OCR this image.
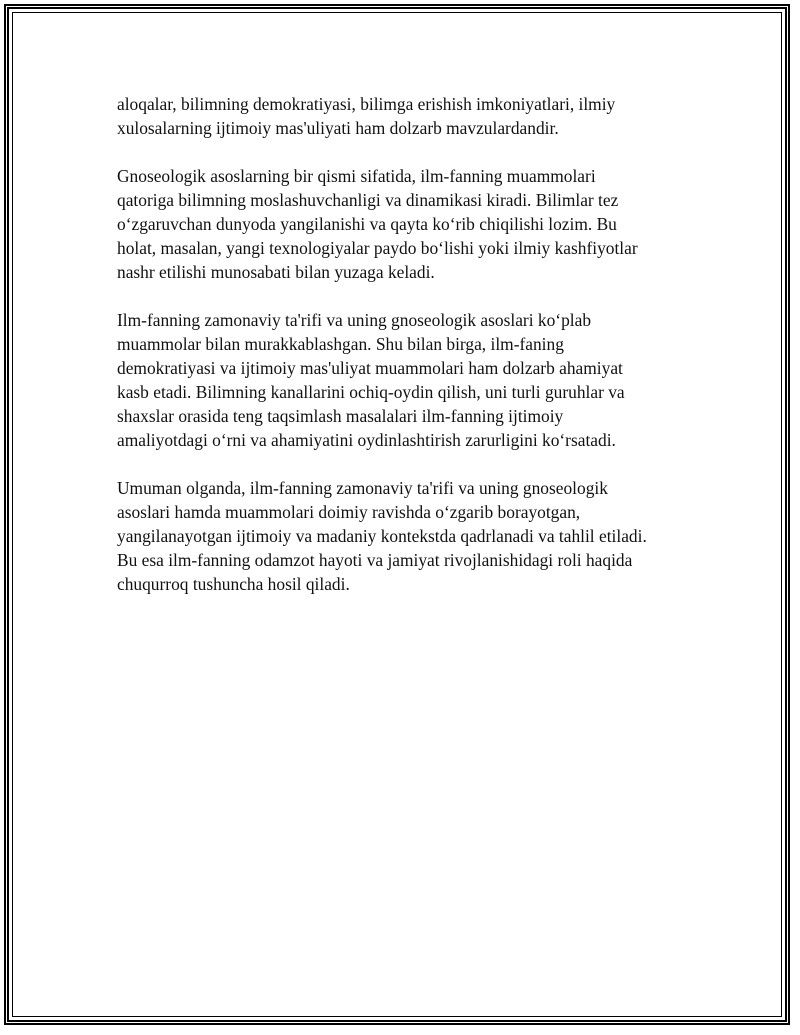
aloqalar, bilimning demokratiyasi, bilimga erishish imkoniyatlari, ilmiy
xulosalarning ijtimoiy mas'uliyati ham dolzarb mavzulardandir.

Gnoseologik asoslarning bir qismi sifatida, ilm-fanning muammolari
qatoriga bilimning moslashuvchanligi va dinamikasi kiradi. Bilimlar tez
o‘zgaruvchan dunyoda yangilanishi va qayta ko‘rib chiqilishi lozim. Bu
holat, masalan, yangi texnologiyalar paydo bo‘lishi yoki ilmiy kashfiyotlar
nashr etilishi munosabati bilan yuzaga keladi.

Ilm-fanning zamonaviy ta'rifi va uning gnoseologik asoslari ko‘plab
muammolar bilan murakkablashgan. Shu bilan birga, ilm-faning
demokratiyasi va ijtimoiy mas'uliyat muammolari ham dolzarb ahamiyat
kasb etadi. Bilimning kanallarini ochiq-oydin qilish, uni turli guruhlar va
shaxslar orasida teng taqsimlash masalalari ilm-fanning ijtimoiy
amaliyotdagi o‘rni va ahamiyatini oydinlashtirish zarurligini ko‘rsatadi.

Umuman olganda, ilm-fanning zamonaviy ta'rifi va uning gnoseologik
asoslari hamda muammolari doimiy ravishda o‘zgarib borayotgan,
yangilanayotgan ijtimoiy va madaniy kontekstda qadrlanadi va tahlil etiladi.
Bu esa ilm-fanning odamzot hayoti va jamiyat rivojlanishidagi roli haqida
chuqurroq tushuncha hosil qiladi.
